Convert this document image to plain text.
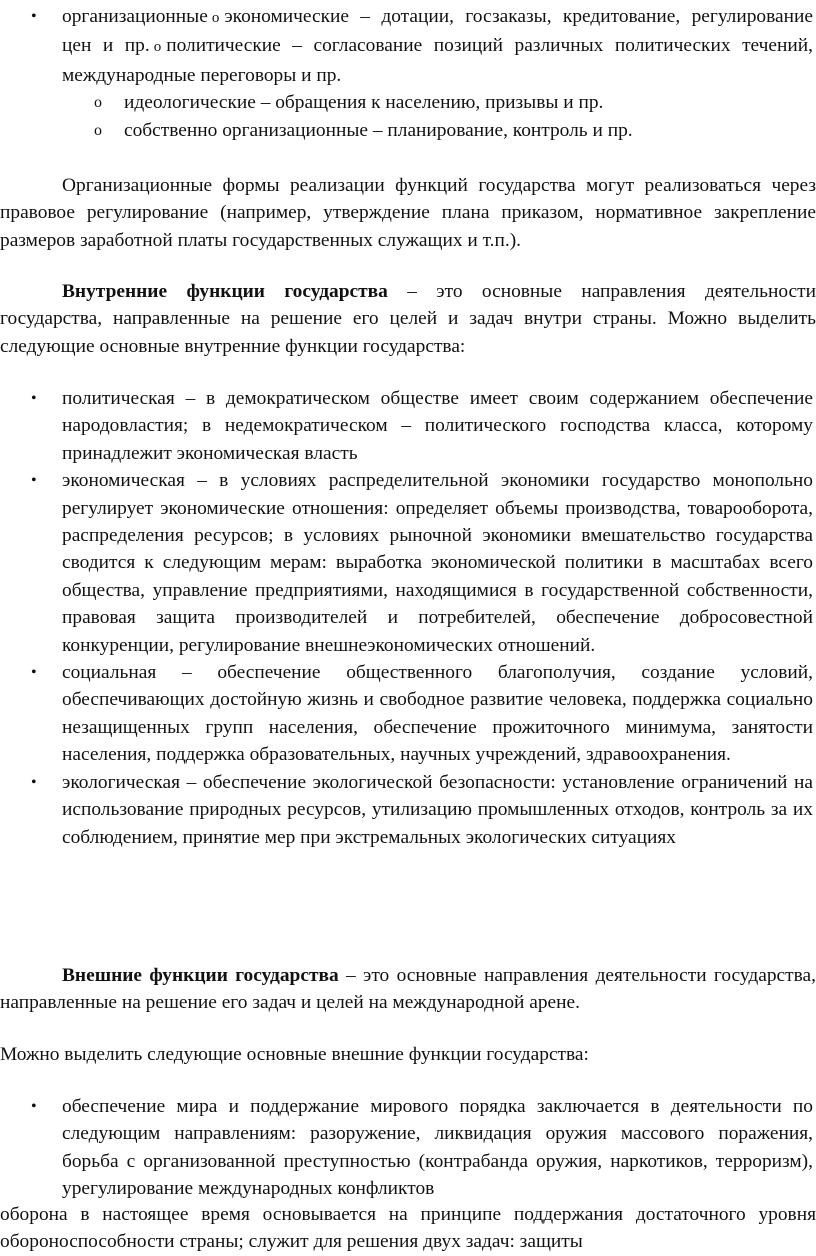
•	организационные o экономические – дотации, госзаказы, кредитование, регулирование цен и пр. o политические – согласование позиций различных политических течений, международные переговоры и пр.
o идеологические – обращения к населению, призывы и пр.
o собственно организационные – планирование, контроль и пр.
Организационные формы реализации функций государства могут реализоваться через правовое регулирование (например, утверждение плана приказом, нормативное закрепление размеров заработной платы государственных служащих и т.п.).
Внутренние функции государства – это основные направления деятельности государства, направленные на решение его целей и задач внутри страны. Можно выделить следующие основные внутренние функции государства:
•	политическая – в демократическом обществе имеет своим содержанием обеспечение народовластия; в недемократическом – политического господства класса, которому принадлежит экономическая власть
•	экономическая – в условиях распределительной экономики государство монопольно регулирует экономические отношения: определяет объемы производства, товарооборота, распределения ресурсов; в условиях рыночной экономики вмешательство государства сводится к следующим мерам: выработка экономической политики в масштабах всего общества, управление предприятиями, находящимися в государственной собственности, правовая защита производителей и потребителей, обеспечение добросовестной конкуренции, регулирование внешнеэкономических отношений.
•	социальная – обеспечение общественного благополучия, создание условий, обеспечивающих достойную жизнь и свободное развитие человека, поддержка социально незащищенных групп населения, обеспечение прожиточного минимума, занятости населения, поддержка образовательных, научных учреждений, здравоохранения.
•	экологическая – обеспечение экологической безопасности: установление ограничений на использование природных ресурсов, утилизацию промышленных отходов, контроль за их соблюдением, принятие мер при экстремальных экологических ситуациях
Внешние функции государства – это основные направления деятельности государства, направленные на решение его задач и целей на международной арене.
Можно выделить следующие основные внешние функции государства:
•	обеспечение мира и поддержание мирового порядка заключается в деятельности по следующим направлениям: разоружение, ликвидация оружия массового поражения, борьба с организованной преступностью (контрабанда оружия, наркотиков, терроризм), урегулирование международных конфликтов
оборона в настоящее время основывается на принципе поддержания достаточного уровня обороноспособности страны; служит для решения двух задач: защиты
